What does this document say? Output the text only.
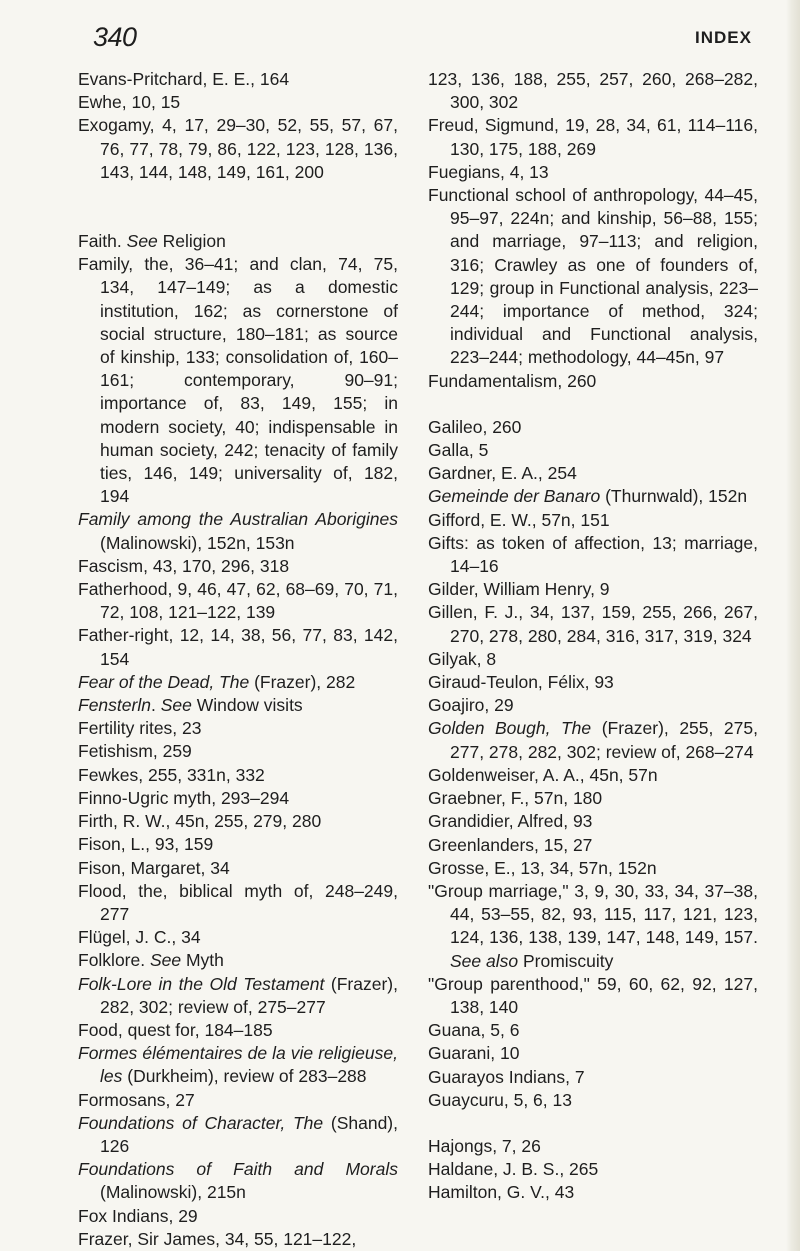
340	INDEX
Evans-Pritchard, E. E., 164
Ewhe, 10, 15
Exogamy, 4, 17, 29–30, 52, 55, 57, 67, 76, 77, 78, 79, 86, 122, 123, 128, 136, 143, 144, 148, 149, 161, 200
Faith. See Religion
Family, the, 36–41; and clan, 74, 75, 134, 147–149; as a domestic institution, 162; as cornerstone of social structure, 180–181; as source of kinship, 133; consolidation of, 160–161; contemporary, 90–91; importance of, 83, 149, 155; in modern society, 40; indispensable in human society, 242; tenacity of family ties, 146, 149; universality of, 182, 194
Family among the Australian Aborigines (Malinowski), 152n, 153n
Fascism, 43, 170, 296, 318
Fatherhood, 9, 46, 47, 62, 68–69, 70, 71, 72, 108, 121–122, 139
Father-right, 12, 14, 38, 56, 77, 83, 142, 154
Fear of the Dead, The (Frazer), 282
Fensterln. See Window visits
Fertility rites, 23
Fetishism, 259
Fewkes, 255, 331n, 332
Finno-Ugric myth, 293–294
Firth, R. W., 45n, 255, 279, 280
Fison, L., 93, 159
Fison, Margaret, 34
Flood, the, biblical myth of, 248–249, 277
Flügel, J. C., 34
Folklore. See Myth
Folk-Lore in the Old Testament (Frazer), 282, 302; review of, 275–277
Food, quest for, 184–185
Formes élémentaires de la vie religieuse, les (Durkheim), review of 283–288
Formosans, 27
Foundations of Character, The (Shand), 126
Foundations of Faith and Morals (Malinowski), 215n
Fox Indians, 29
Frazer, Sir James, 34, 55, 121–122,
123, 136, 188, 255, 257, 260, 268–282, 300, 302
Freud, Sigmund, 19, 28, 34, 61, 114–116, 130, 175, 188, 269
Fuegians, 4, 13
Functional school of anthropology, 44–45, 95–97, 224n; and kinship, 56–88, 155; and marriage, 97–113; and religion, 316; Crawley as one of founders of, 129; group in Functional analysis, 223–244; importance of method, 324; individual and Functional analysis, 223–244; methodology, 44–45n, 97
Fundamentalism, 260
Galileo, 260
Galla, 5
Gardner, E. A., 254
Gemeinde der Banaro (Thurnwald), 152n
Gifford, E. W., 57n, 151
Gifts: as token of affection, 13; marriage, 14–16
Gilder, William Henry, 9
Gillen, F. J., 34, 137, 159, 255, 266, 267, 270, 278, 280, 284, 316, 317, 319, 324
Gilyak, 8
Giraud-Teulon, Félix, 93
Goajiro, 29
Golden Bough, The (Frazer), 255, 275, 277, 278, 282, 302; review of, 268–274
Goldenweiser, A. A., 45n, 57n
Graebner, F., 57n, 180
Grandidier, Alfred, 93
Greenlanders, 15, 27
Grosse, E., 13, 34, 57n, 152n
"Group marriage," 3, 9, 30, 33, 34, 37–38, 44, 53–55, 82, 93, 115, 117, 121, 123, 124, 136, 138, 139, 147, 148, 149, 157. See also Promiscuity
"Group parenthood," 59, 60, 62, 92, 127, 138, 140
Guana, 5, 6
Guarani, 10
Guarayos Indians, 7
Guaycuru, 5, 6, 13
Hajongs, 7, 26
Haldane, J. B. S., 265
Hamilton, G. V., 43
